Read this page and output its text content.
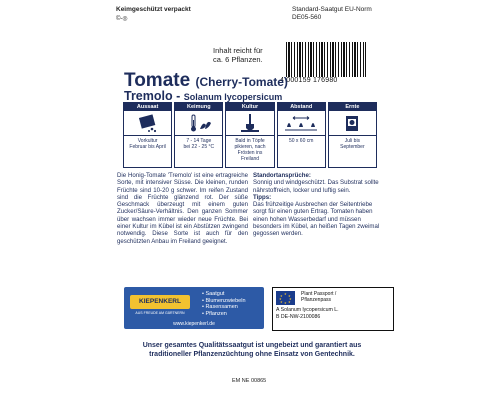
Keimgeschützt verpackt
©-◎
Standard-Saatgut EU-Norm
DE05-560
Inhalt reicht für
ca. 6 Pflanzen.
4 000159 176980
Tomate (Cherry-Tomate)
Tremolo - Solanum lycopersicum
Aussaat
Vorkultur
Februar bis April
Keimung
7 - 14 Tage
bei 22 - 25 °C
Kultur
Bald in Töpfe
pikieren, nach
Frösten ins
Freiland
Abstand
50 x 60 cm
Ernte
Juli bis
September
Die Honig-Tomate 'Tremolo' ist eine ertragreiche Sorte, mit intensiver Süsse. Die kleinen, runden Früchte sind 10-20 g schwer. Im reifen Zustand sind die Früchte glänzend rot. Der süße Geschmack überzeugt mit einem guten Zucker/Säure-Verhältnis. Den ganzen Sommer über wachsen immer wieder neue Früchte. Bei einer Kultur im Kübel ist ein Abstützen zwingend notwendig. Diese Sorte ist auch für den geschützten Anbau im Freiland geeignet.
Standortansprüche:
Sonnig und windgeschützt. Das Substrat sollte nährstoffreich, locker und luftig sein.
Tipps:
Das frühzeitige Ausbrechen der Seitentriebe sorgt für einen guten Ertrag. Tomaten haben einen hohen Wasserbedarf und müssen besonders im Kübel, an heißen Tagen zweimal gegossen werden.
KIEPENKERL
AUS FREUDE AM GÄRTNERN
• Saatgut
• Blumenzwiebeln
• Rasensamen
• Pflanzen
www.kiepenkerl.de
★ ★
★
★
★
★
★
★	Plant Passport /
Pflanzenpass
A Solanum lycopersicum L.
B DE-NW-2100086
Unser gesamtes Qualitätssaatgut ist ungebeizt und garantiert aus
traditioneller Pflanzenzüchtung ohne Einsatz von Gentechnik.
EM NE 00865
